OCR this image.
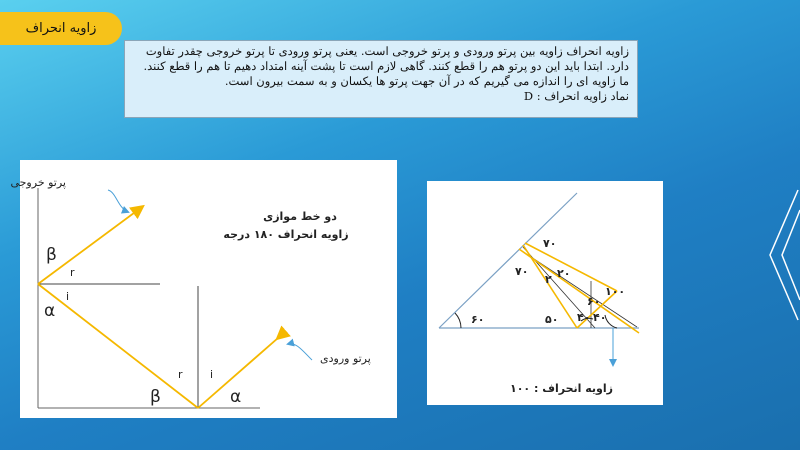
زاویه انحراف

زاویه انحراف زاویه بین پرتو ورودی و پرتو خروجی است. یعنی پرتو ورودی تا پرتو خروجی چقدر تفاوت

دارد. ابتدا باید این دو پرتو هم را قطع کنند. گاهی لازم است تا پشت آینه امتداد دهیم تا هم را قطع کنند.

ما زاویه ای را اندازه می گیریم که در آن جهت پرتو ها یکسان و به سمت بیرون است.

نماد زاویه انحراف : D

پرتو خروجی
پرتو ورودی
دو خط موازی
زاویه انحراف ۱۸۰ درجه
β
r
i
α
r i
β	α
۷۰
۷۰	۲۰
۲
۱۰۰
۶۰
۴۰ ۴۰
۵۰
۶۰
زاویه انحراف : ۱۰۰
